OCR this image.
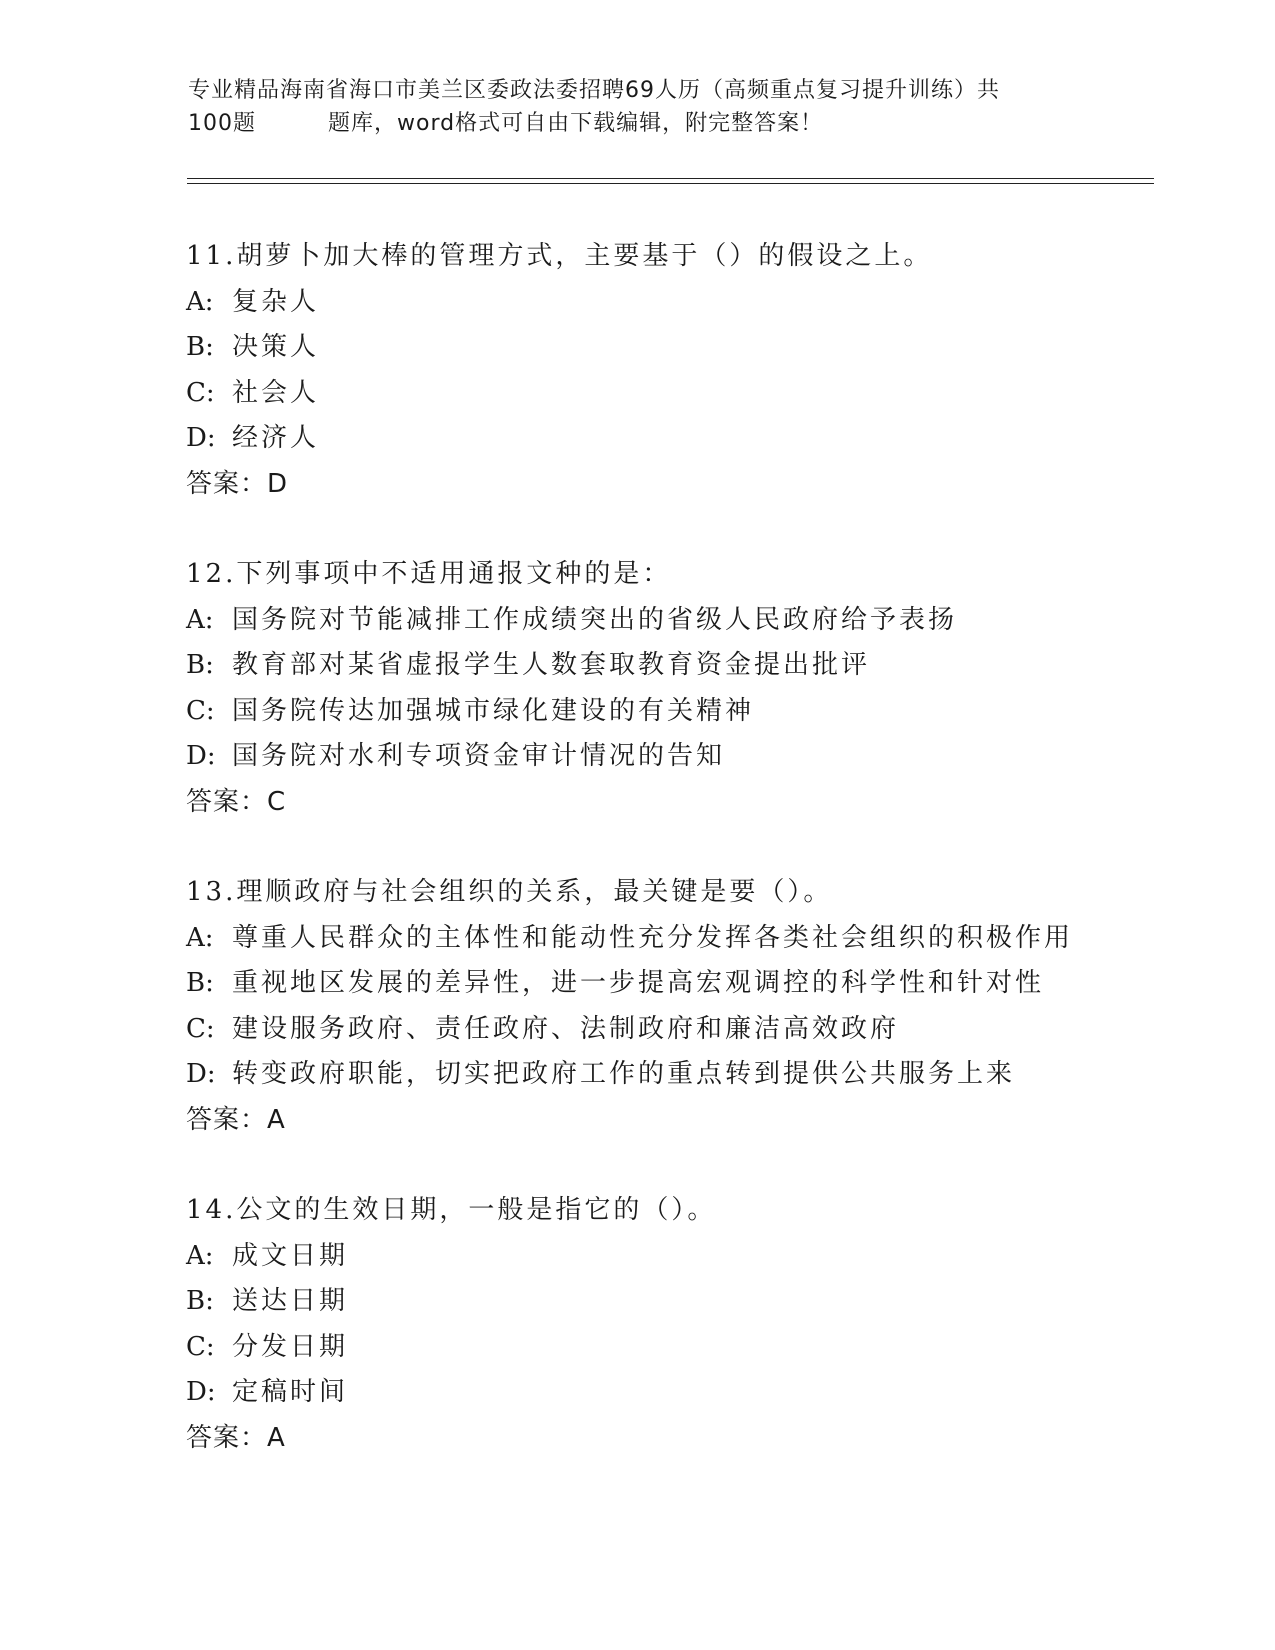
专业精品海南省海口市美兰区委政法委招聘69人历（高频重点复习提升训练）共
100题	题库，word格式可自由下载编辑，附完整答案！
11.胡萝卜加大棒的管理方式，主要基于（）的假设之上。
A: 复杂人
B: 决策人
C: 社会人
D: 经济人
答案：D
12.下列事项中不适用通报文种的是：
A: 国务院对节能减排工作成绩突出的省级人民政府给予表扬
B: 教育部对某省虚报学生人数套取教育资金提出批评
C: 国务院传达加强城市绿化建设的有关精神
D: 国务院对水利专项资金审计情况的告知
答案：C
13.理顺政府与社会组织的关系，最关键是要（）。
A: 尊重人民群众的主体性和能动性充分发挥各类社会组织的积极作用
B: 重视地区发展的差异性，进一步提高宏观调控的科学性和针对性
C: 建设服务政府、责任政府、法制政府和廉洁高效政府
D: 转变政府职能，切实把政府工作的重点转到提供公共服务上来
答案：A
14.公文的生效日期，一般是指它的（）。
A: 成文日期
B: 送达日期
C: 分发日期
D: 定稿时间
答案：A
